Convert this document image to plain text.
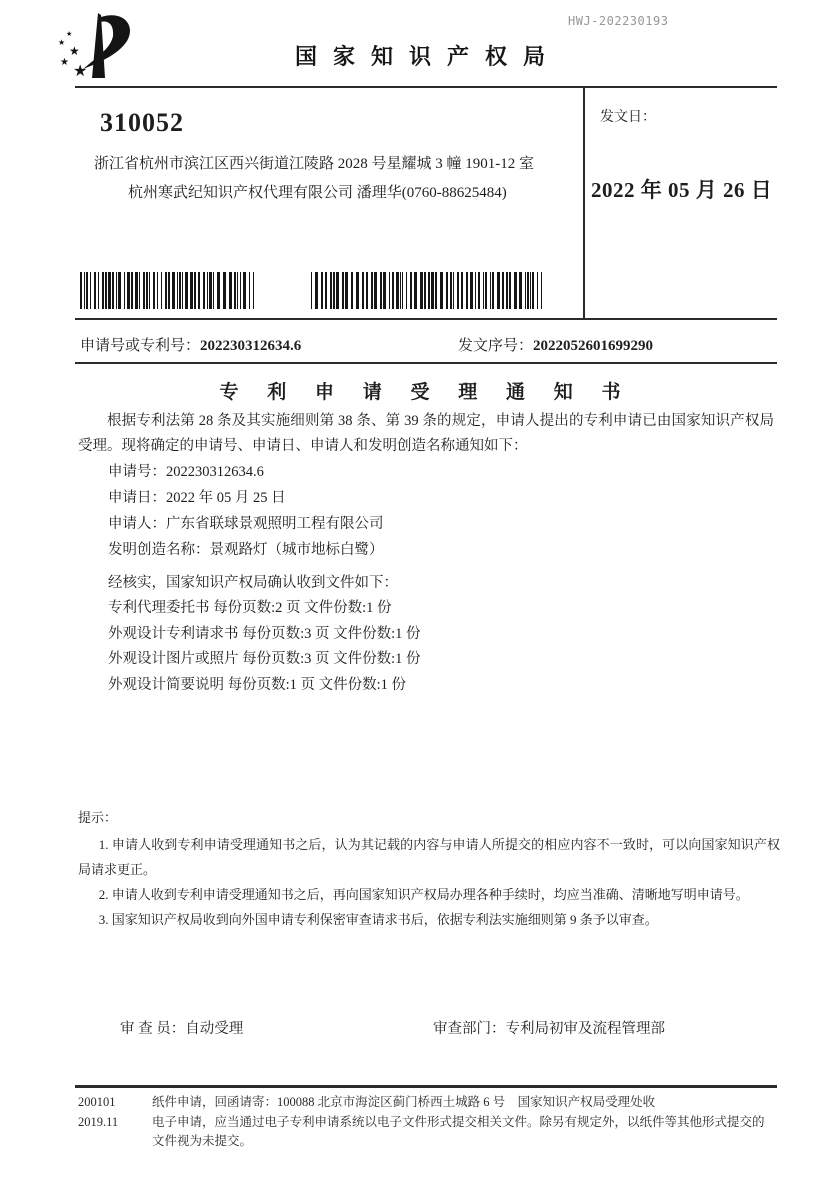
★
★
★
★
★
HWJ-202230193
国家知识产权局
310052
浙江省杭州市滨江区西兴街道江陵路 2028 号星耀城 3 幢 1901-12 室
杭州寒武纪知识产权代理有限公司 潘理华(0760-88625484)
发文日：
2022 年 05 月 26 日
申请号或专利号：202230312634.6	发文序号：2022052601699290
专 利 申 请 受 理 通 知 书
根据专利法第 28 条及其实施细则第 38 条、第 39 条的规定，申请人提出的专利申请已由国家知识产权局受理。现将确定的申请号、申请日、申请人和发明创造名称通知如下：
申请号：202230312634.6
申请日：2022 年 05 月 25 日
申请人：广东省联球景观照明工程有限公司
发明创造名称：景观路灯（城市地标白鹭）
经核实，国家知识产权局确认收到文件如下：
专利代理委托书 每份页数:2 页 文件份数:1 份
外观设计专利请求书 每份页数:3 页 文件份数:1 份
外观设计图片或照片 每份页数:3 页 文件份数:1 份
外观设计简要说明 每份页数:1 页 文件份数:1 份
提示：
1. 申请人收到专利申请受理通知书之后，认为其记载的内容与申请人所提交的相应内容不一致时，可以向国家知识产权局请求更正。
2. 申请人收到专利申请受理通知书之后，再向国家知识产权局办理各种手续时，均应当准确、清晰地写明申请号。
3. 国家知识产权局收到向外国申请专利保密审查请求书后，依据专利法实施细则第 9 条予以审查。
审 查 员：自动受理	审查部门：专利局初审及流程管理部
200101	纸件申请，回函请寄：100088 北京市海淀区蓟门桥西土城路 6 号　国家知识产权局受理处收
2019.11	电子申请，应当通过电子专利申请系统以电子文件形式提交相关文件。除另有规定外，以纸件等其他形式提交的文件视为未提交。
